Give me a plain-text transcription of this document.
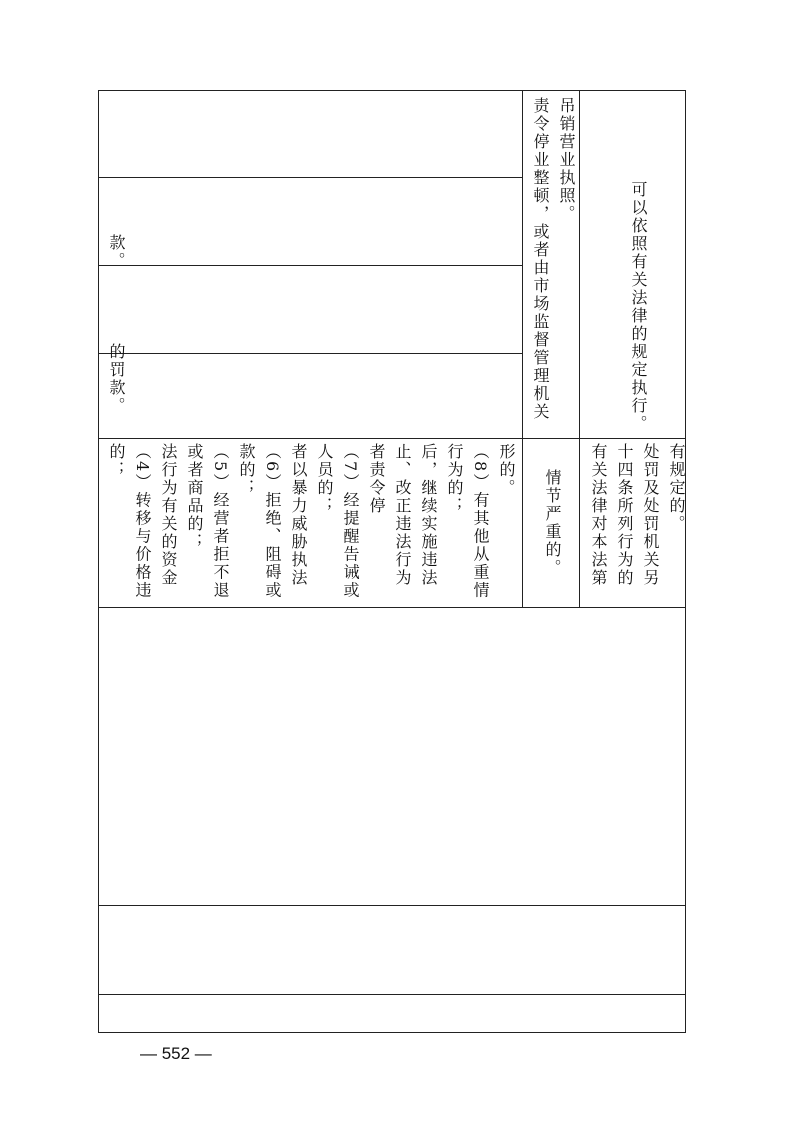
款。
的罚款。
的； （4）转移与价格违 法行为有关的资金 或者商品的； （5）经营者拒不退 款的； （6）拒绝、阻碍或 者以暴力威胁执法 人员的； （7）经提醒告诫或 者责令停 止、改正违法行为 后，继续实施违法 行为的； （8）有其他从重情 形的。
责令停业整顿，或者由市场监督管理机关 吊销营业执照。
情节严重的。
可以依照有关法律的规定执行。
有关法律对本法第 十四条所列行为的 处罚及处罚机关另 有规定的。
— 552 —
